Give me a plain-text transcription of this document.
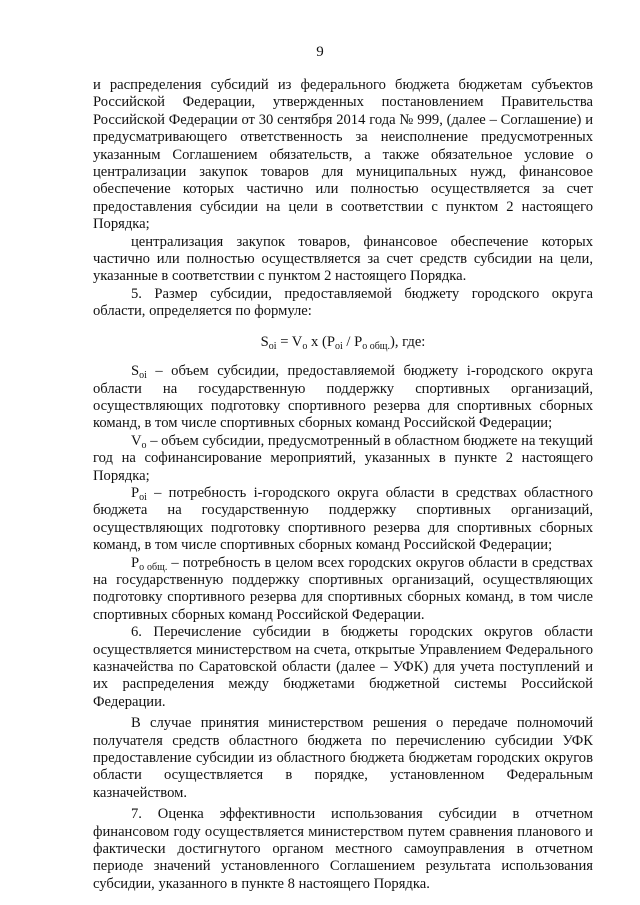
9

и распределения субсидий из федерального бюджета бюджетам субъектов Российской Федерации, утвержденных постановлением Правительства Российской Федерации от 30 сентября 2014 года № 999, (далее – Соглашение) и предусматривающего ответственность за неисполнение предусмотренных указанным Соглашением обязательств, а также обязательное условие о централизации закупок товаров для муниципальных нужд, финансовое обеспечение которых частично или полностью осуществляется за счет предоставления субсидии на цели в соответствии с пунктом 2 настоящего Порядка;

централизация закупок товаров, финансовое обеспечение которых частично или полностью осуществляется за счет средств субсидии на цели, указанные в соответствии с пунктом 2 настоящего Порядка.

5. Размер субсидии, предоставляемой бюджету городского округа области, определяется по формуле:

$S_{oi} = V_o$ x $(P_{oi} / P_{о общ.})$, где:

$S_{oi}$ – объем субсидии, предоставляемой бюджету i-городского округа области на государственную поддержку спортивных организаций, осуществляющих подготовку спортивного резерва для спортивных сборных команд, в том числе спортивных сборных команд Российской Федерации;

$V_o$ – объем субсидии, предусмотренный в областном бюджете на текущий год на софинансирование мероприятий, указанных в пункте 2 настоящего Порядка;

$P_{oi}$ – потребность i-городского округа области в средствах областного бюджета на государственную поддержку спортивных организаций, осуществляющих подготовку спортивного резерва для спортивных сборных команд, в том числе спортивных сборных команд Российской Федерации;

$P_{о общ.}$ – потребность в целом всех городских округов области в средствах на государственную поддержку спортивных организаций, осуществляющих подготовку спортивного резерва для спортивных сборных команд, в том числе спортивных сборных команд Российской Федерации.

6. Перечисление субсидии в бюджеты городских округов области осуществляется министерством на счета, открытые Управлением Федерального казначейства по Саратовской области (далее – УФК) для учета поступлений и их распределения между бюджетами бюджетной системы Российской Федерации.

В случае принятия министерством решения о передаче полномочий получателя средств областного бюджета по перечислению субсидии УФК предоставление субсидии из областного бюджета бюджетам городских округов области осуществляется в порядке, установленном Федеральным казначейством.

7. Оценка эффективности использования субсидии в отчетном финансовом году осуществляется министерством путем сравнения планового и фактически достигнутого органом местного самоуправления в отчетном периоде значений установленного Соглашением результата использования субсидии, указанного в пункте 8 настоящего Порядка.
